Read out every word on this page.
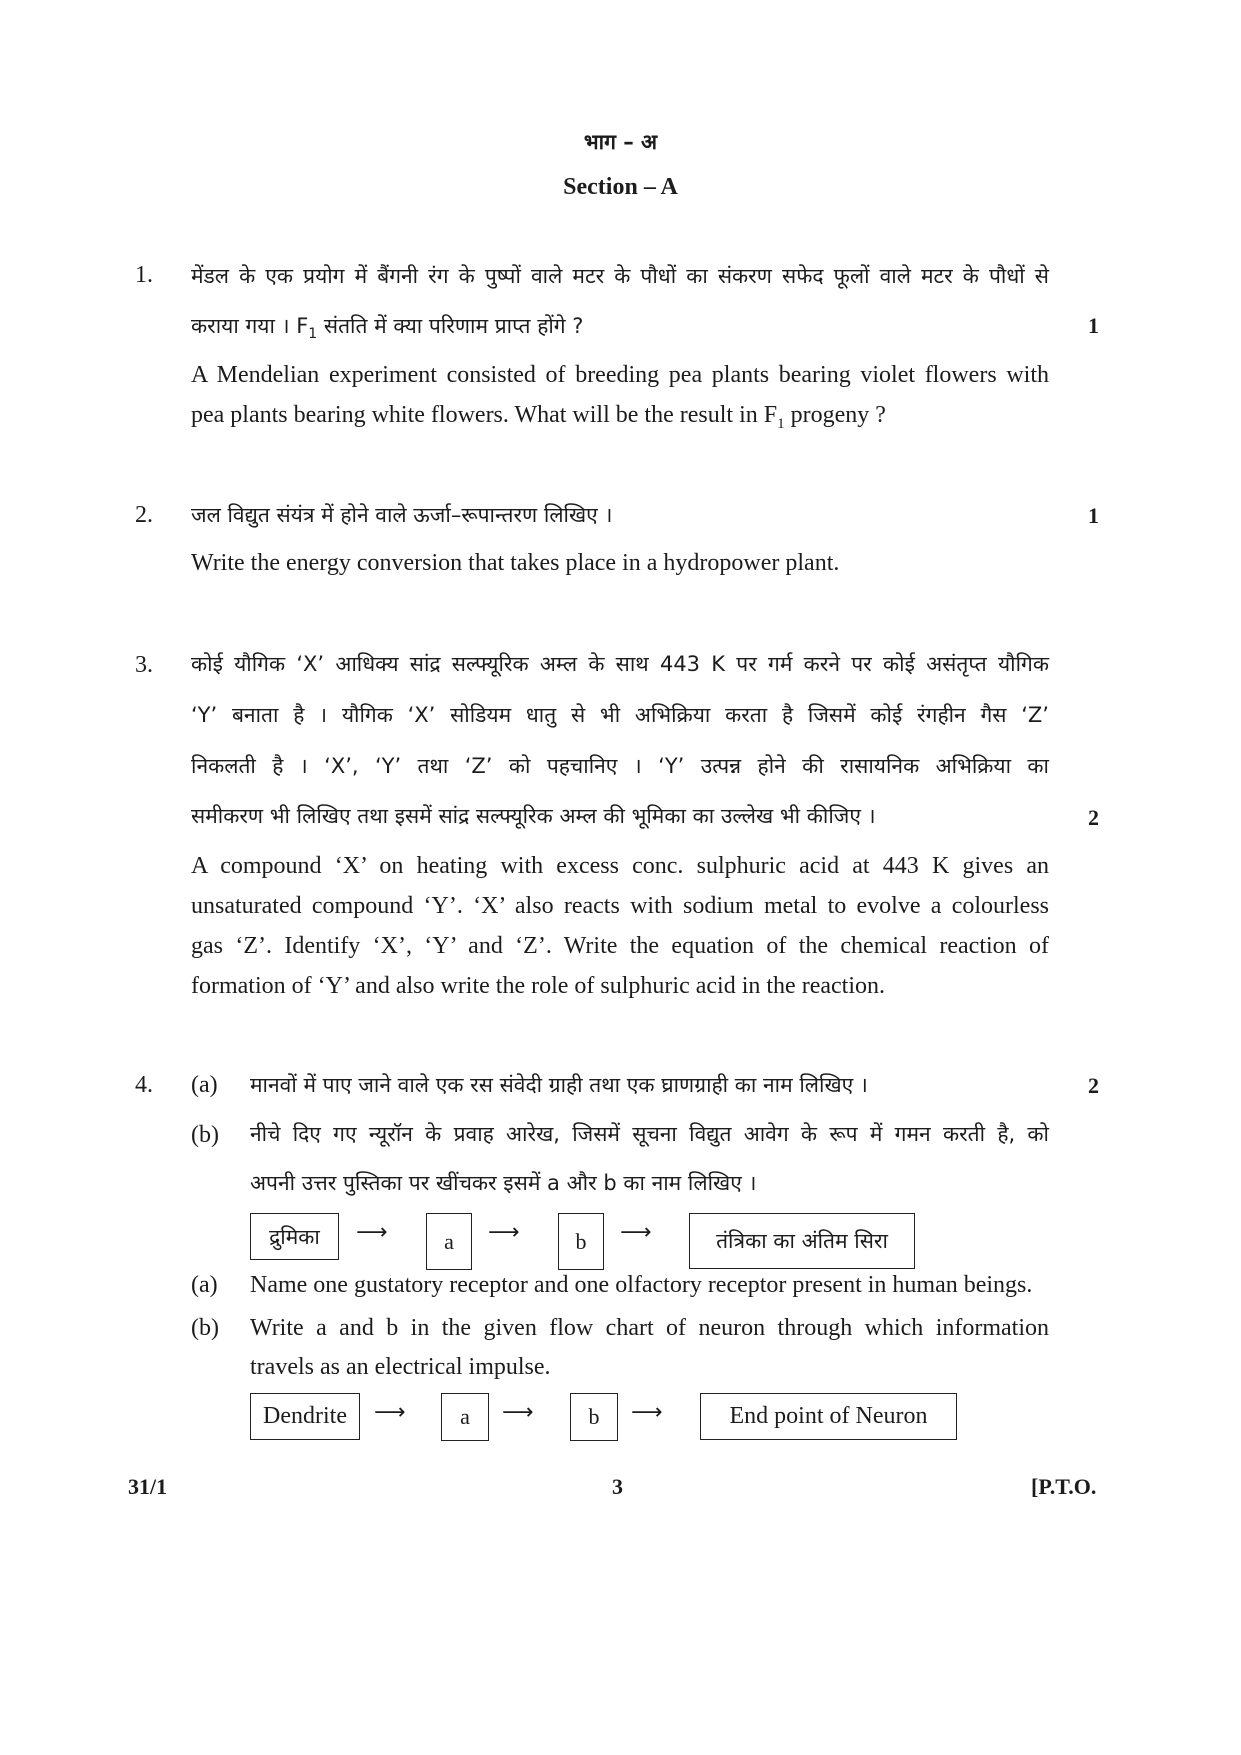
भाग – अ
Section – A
1. मेंडल के एक प्रयोग में बैंगनी रंग के पुष्पों वाले मटर के पौधों का संकरण सफेद फूलों वाले मटर के पौधों से
कराया गया । $F_1$ संतति में क्या परिणाम प्राप्त होंगे ?	1
A Mendelian experiment consisted of breeding pea plants bearing violet flowers with
pea plants bearing white flowers. What will be the result in $F_1$ progeny ?
2. जल विद्युत संयंत्र में होने वाले ऊर्जा–रूपान्तरण लिखिए ।	1
Write the energy conversion that takes place in a hydropower plant.
3. कोई यौगिक ‘X’ आधिक्य सांद्र सल्फ्यूरिक अम्ल के साथ 443 K पर गर्म करने पर कोई असंतृप्त यौगिक
‘Y’ बनाता है । यौगिक ‘X’ सोडियम धातु से भी अभिक्रिया करता है जिसमें कोई रंगहीन गैस ‘Z’
निकलती है । ‘X’, ‘Y’ तथा ‘Z’ को पहचानिए । ‘Y’ उत्पन्न होने की रासायनिक अभिक्रिया का
समीकरण भी लिखिए तथा इसमें सांद्र सल्फ्यूरिक अम्ल की भूमिका का उल्लेख भी कीजिए ।	2
A compound ‘X’ on heating with excess conc. sulphuric acid at 443 K gives an
unsaturated compound ‘Y’. ‘X’ also reacts with sodium metal to evolve a colourless
gas ‘Z’. Identify ‘X’, ‘Y’ and ‘Z’. Write the equation of the chemical reaction of
formation of ‘Y’ and also write the role of sulphuric acid in the reaction.
4. (a) मानवों में पाए जाने वाले एक रस संवेदी ग्राही तथा एक घ्राणग्राही का नाम लिखिए ।	2
(b) नीचे दिए गए न्यूरॉन के प्रवाह आरेख, जिसमें सूचना विद्युत आवेग के रूप में गमन करती है, को
अपनी उत्तर पुस्तिका पर खींचकर इसमें a और b का नाम लिखिए ।
द्रुमिका ⟶	a ⟶	b ⟶	तंत्रिका का अंतिम सिरा
(a) Name one gustatory receptor and one olfactory receptor present in human beings.
(b) Write a and b in the given flow chart of neuron through which information
travels as an electrical impulse.
Dendrite ⟶ a ⟶ b ⟶	End point of Neuron
31/1	3	[P.T.O.
